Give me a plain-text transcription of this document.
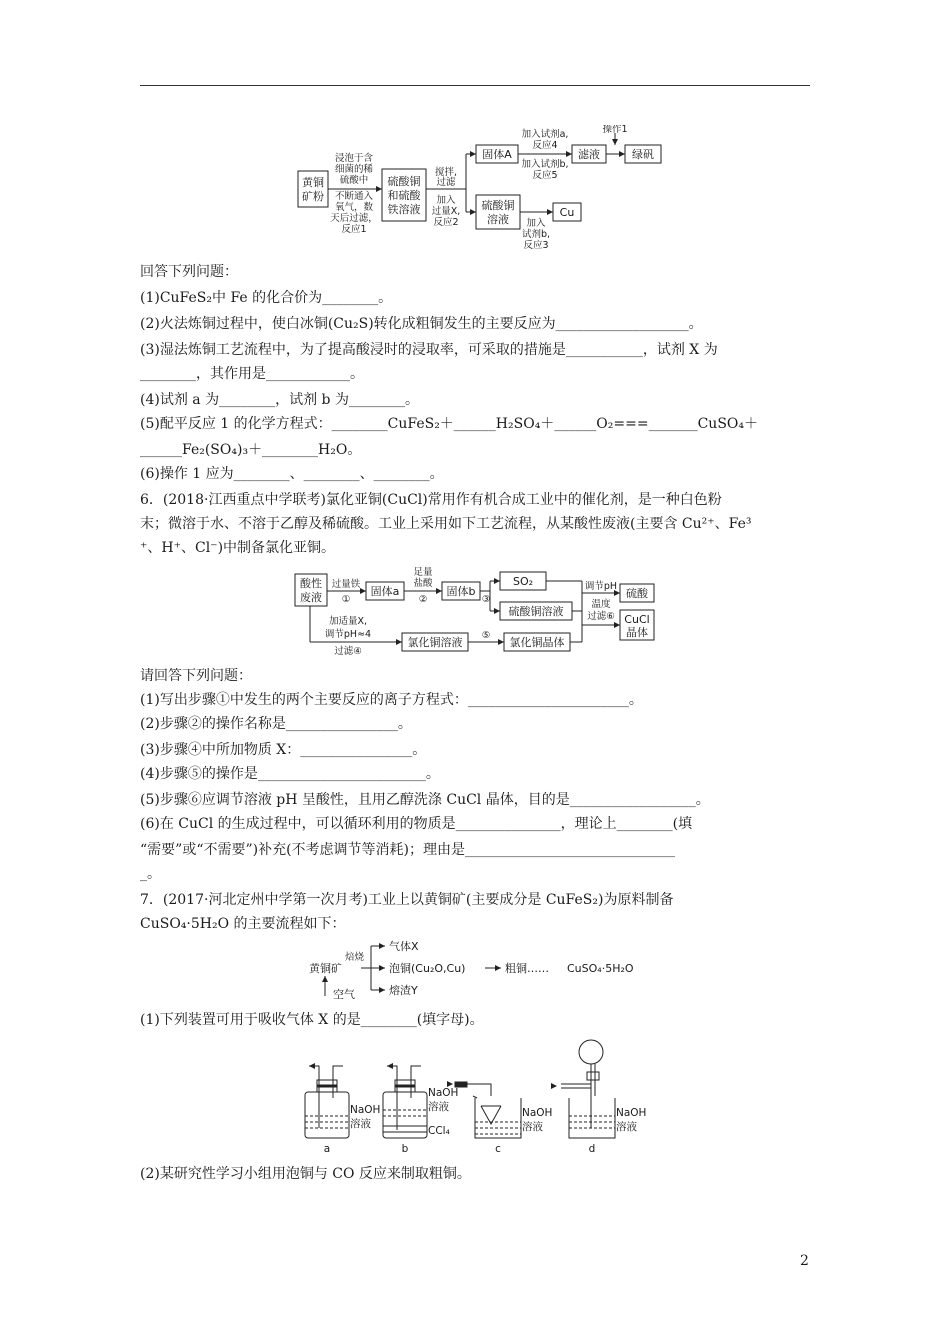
黄铜
矿粉
浸泡于含
细菌的稀
硫酸中
不断通入
氧气，数
天后过滤，
反应1
硫酸铜
和硫酸
铁溶液
搅拌,
过滤
加入
过量X,
反应2
固体A
加入试剂a,
反应4
加入试剂b,
反应5
操作1
滤液	绿矾
硫酸铜
溶液
Cu
加入
试剂b,
反应3
回答下列问题：
(1)CuFeS₂中 Fe 的化合价为________。
(2)火法炼铜过程中，使白冰铜(Cu₂S)转化成粗铜发生的主要反应为___________________。
(3)湿法炼铜工艺流程中，为了提高酸浸时的浸取率，可采取的措施是___________，试剂 X 为
________，其作用是____________。
(4)试剂 a 为________，试剂 b 为________。
(5)配平反应 1 的化学方程式：________CuFeS₂＋______H₂SO₄＋______O₂===_______CuSO₄＋
______Fe₂(SO₄)₃＋________H₂O。
(6)操作 1 应为________、________、________。
6．(2018·江西重点中学联考)氯化亚铜(CuCl)常用作有机合成工业中的催化剂，是一种白色粉
末；微溶于水、不溶于乙醇及稀硫酸。工业上采用如下工艺流程，从某酸性废液(主要含 Cu²⁺、Fe³
⁺、H⁺、Cl⁻)中制备氯化亚铜。
酸性
废液	固体a	固体b
SO₂
硫酸铜溶液
硫酸
CuCl
晶体
氯化铜溶液	氯化铜晶体
过量铁
①
足量
盐酸
②	③
调节pH
温度
过滤⑥
加适量X,
调节pH≈4
过滤④
⑤
请回答下列问题：
(1)写出步骤①中发生的两个主要反应的离子方程式：_______________________。
(2)步骤②的操作名称是________________。
(3)步骤④中所加物质 X：________________。
(4)步骤⑤的操作是________________________。
(5)步骤⑥应调节溶液 pH 呈酸性，且用乙醇洗涤 CuCl 晶体，目的是__________________。
(6)在 CuCl 的生成过程中，可以循环利用的物质是_______________，理论上________(填
“需要”或“不需要”)补充(不考虑调节等消耗)；理由是______________________________
_。
7．(2017·河北定州中学第一次月考)工业上以黄铜矿(主要成分是 CuFeS₂)为原料制备
CuSO₄·5H₂O 的主要流程如下：
黄铜矿
焙烧
气体X
泡铜(Cu₂O,Cu)	粗铜…… CuSO₄·5H₂O
熔渣Y
空气
(1)下列装置可用于吸收气体 X 的是________(填字母)。
NaOH
溶液
NaOH
溶液
CCl₄
NaOH
溶液
NaOH
溶液
a	b	c	d
(2)某研究性学习小组用泡铜与 CO 反应来制取粗铜。
2
